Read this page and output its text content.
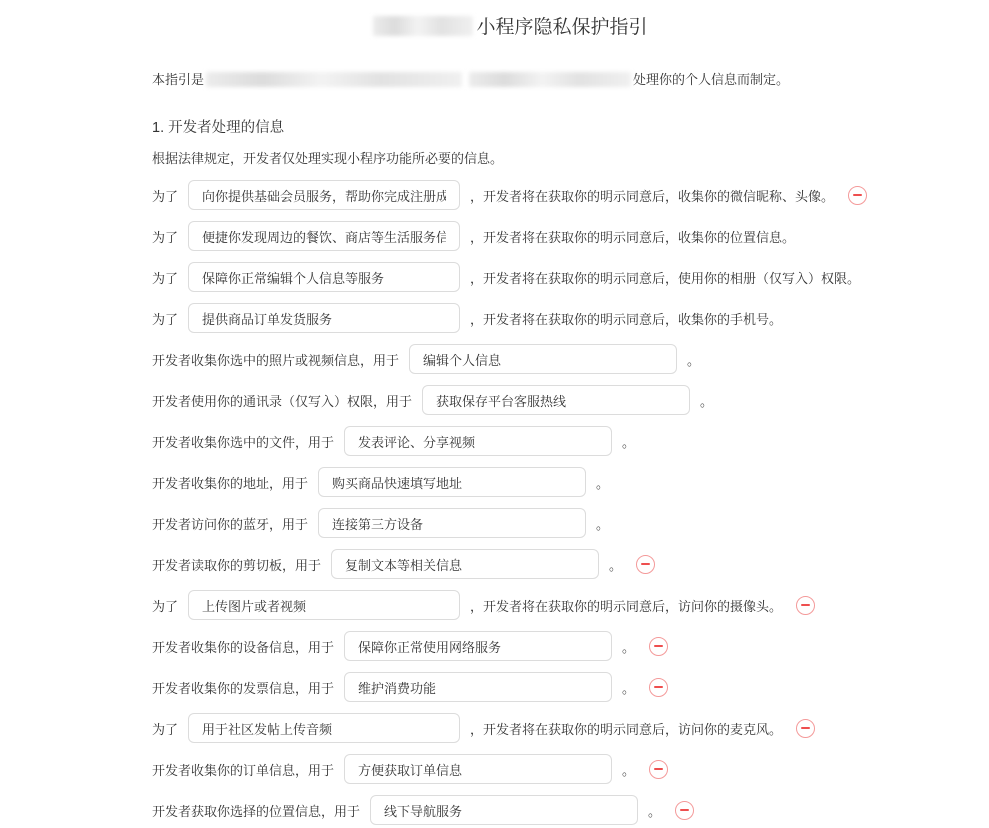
小程序隐私保护指引
本指引是	处理你的个人信息而制定。
1. 开发者处理的信息
根据法律规定，开发者仅处理实现小程序功能所必要的信息。
为了
向你提供基础会员服务，帮助你完成注册成	，开发者将在获取你的明示同意后，收集你的微信昵称、头像。
为了
便捷你发现周边的餐饮、商店等生活服务信	，开发者将在获取你的明示同意后，收集你的位置信息。
为了
保障你正常编辑个人信息等服务	，开发者将在获取你的明示同意后，使用你的相册（仅写入）权限。
为了
提供商品订单发货服务	，开发者将在获取你的明示同意后，收集你的手机号。
开发者收集你选中的照片或视频信息，用于
编辑个人信息	。
开发者使用你的通讯录（仅写入）权限，用于
获取保存平台客服热线	。
开发者收集你选中的文件，用于
发表评论、分享视频	。
开发者收集你的地址，用于
购买商品快速填写地址	。
开发者访问你的蓝牙，用于
连接第三方设备	。
开发者读取你的剪切板，用于
复制文本等相关信息	。
为了
上传图片或者视频	，开发者将在获取你的明示同意后，访问你的摄像头。
开发者收集你的设备信息，用于
保障你正常使用网络服务	。
开发者收集你的发票信息，用于
维护消费功能	。
为了
用于社区发帖上传音频	，开发者将在获取你的明示同意后，访问你的麦克风。
开发者收集你的订单信息，用于
方便获取订单信息	。
开发者获取你选择的位置信息，用于
线下导航服务	。
